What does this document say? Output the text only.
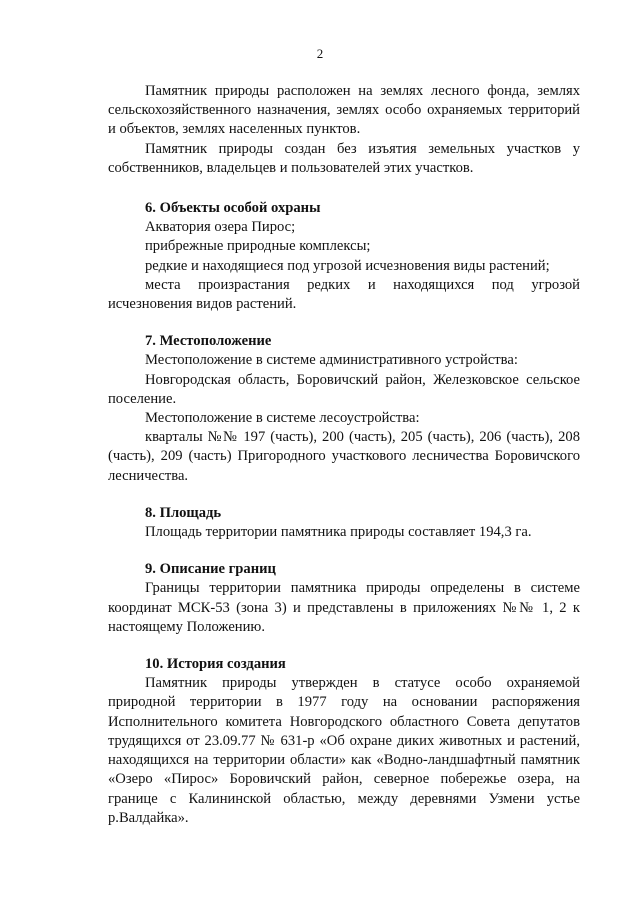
2

Памятник природы расположен на землях лесного фонда, землях сельскохозяйственного назначения, землях особо охраняемых территорий и объектов, землях населенных пунктов.

Памятник природы создан без изъятия земельных участков у собственников, владельцев и пользователей этих участков.

6. Объекты особой охраны

Акватория озера Пирос;

прибрежные природные комплексы;

редкие и находящиеся под угрозой исчезновения виды растений;

места произрастания редких и находящихся под угрозой исчезновения видов растений.

7. Местоположение

Местоположение в системе административного устройства:

Новгородская область, Боровичский район, Железковское сельское поселение.

Местоположение в системе лесоустройства:

кварталы №№ 197 (часть), 200 (часть), 205 (часть), 206 (часть), 208 (часть), 209 (часть) Пригородного участкового лесничества Боровичского лесничества.

8. Площадь

Площадь территории памятника природы составляет 194,3 га.

9. Описание границ

Границы территории памятника природы определены в системе координат МСК-53 (зона 3) и представлены в приложениях №№ 1, 2 к настоящему Положению.

10. История создания

Памятник природы утвержден в статусе особо охраняемой природной территории в 1977 году на основании распоряжения Исполнительного комитета Новгородского областного Совета депутатов трудящихся от 23.09.77 № 631-р «Об охране диких животных и растений, находящихся на территории области» как «Водно-ландшафтный памятник «Озеро «Пирос» Боровичский район, северное побережье озера, на границе с Калининской областью, между деревнями Узмени устье р.Валдайка».
